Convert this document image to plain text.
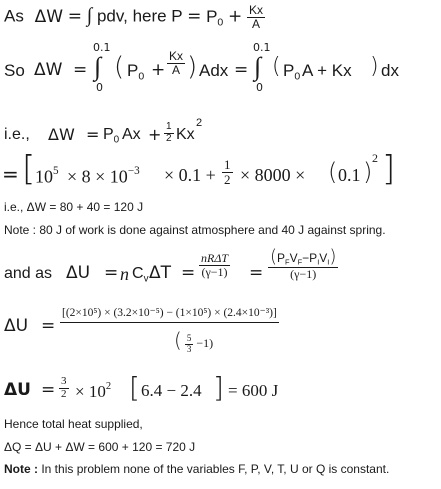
As ΔW = ∫ pdv, here $P = P_0 + \frac{Kx}{A}$
So ΔW =
0.1
∫
0
( $P_0 + \frac{Kx}{A}$ ) Adx =
0.1
∫
0
( $P_0$ A + Kx ) dx
i.e., $\Delta W = P_0$ $Ax + \frac{1}{2}$ Kx
2
= [ $10^5 \times 8 \times 10^{-3} \times 0.1 + \frac{1}{2} \times 8000$ × ( 0.1 ) 2 ]
i.e., ΔW = 80 + 40 = 120 J
Note : 80 J of work is done against atmosphere and 40 J against spring.
and as ΔU = n $C_v$ ΔT =
nRΔT
(γ−1) =
$(P_FV_F-P_IV_I)$
(γ−1)
ΔU =
[(2×10⁵) × (3.2×10⁻⁵) − (1×10⁵) × (2.4×10⁻³)]
( $\frac{5}{3} -1$)
$\Delta U = \frac{3}{2} \times 10^2$ [ 6.4 − 2.4 ] = 600 J
Hence total heat supplied,
ΔQ = ΔU + ΔW = 600 + 120 = 720 J
Note : In this problem none of the variables F, P, V, T, U or Q is constant.
